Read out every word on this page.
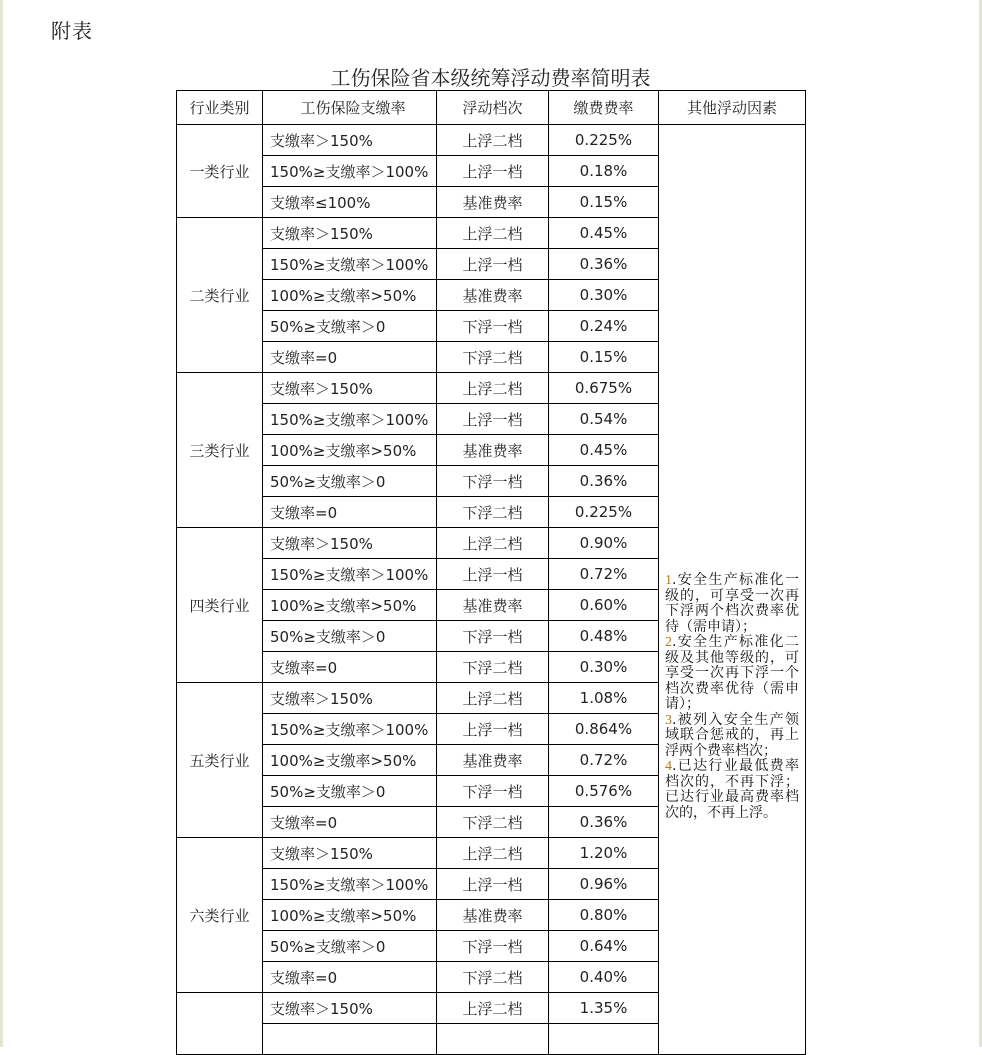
附表
工伤保险省本级统筹浮动费率简明表
行业类别	工伤保险支缴率	浮动档次	缴费费率	其他浮动因素
一类行业	支缴率＞150%	上浮二档	0.225%	
	150%≥支缴率＞100%	上浮一档	0.18%	
	支缴率≤100%	基准费率	0.15%	
二类行业	支缴率＞150%	上浮二档	0.45%	
	150%≥支缴率＞100%	上浮一档	0.36%	
	100%≥支缴率>50%	基准费率	0.30%	
	50%≥支缴率＞0	下浮一档	0.24%	
	支缴率=0	下浮二档	0.15%	
三类行业	支缴率＞150%	上浮二档	0.675%	
	150%≥支缴率＞100%	上浮一档	0.54%	
	100%≥支缴率>50%	基准费率	0.45%	
	50%≥支缴率＞0	下浮一档	0.36%	
	支缴率=0	下浮二档	0.225%	
四类行业	支缴率＞150%	上浮二档	0.90%	
	150%≥支缴率＞100%	上浮一档	0.72%	
	100%≥支缴率>50%	基准费率	0.60%	
	50%≥支缴率＞0	下浮一档	0.48%	
	支缴率=0	下浮二档	0.30%	
五类行业	支缴率＞150%	上浮二档	1.08%	
	150%≥支缴率＞100%	上浮一档	0.864%	
	100%≥支缴率>50%	基准费率	0.72%	
	50%≥支缴率＞0	下浮一档	0.576%	
	支缴率=0	下浮二档	0.36%	
六类行业	支缴率＞150%	上浮二档	1.20%	
	150%≥支缴率＞100%	上浮一档	0.96%	
	100%≥支缴率>50%	基准费率	0.80%	
	50%≥支缴率＞0	下浮一档	0.64%	
	支缴率=0	下浮二档	0.40%	
	支缴率＞150%	上浮二档	1.35%	

1.安全生产标准化一级的，可享受一次再下浮两个档次费率优待（需申请）；

2.安全生产标准化二级及其他等级的，可享受一次再下浮一个档次费率优待（需申请）；

3.被列入安全生产领域联合惩戒的，再上浮两个费率档次；

4.已达行业最低费率档次的，不再下浮；已达行业最高费率档次的，不再上浮。
